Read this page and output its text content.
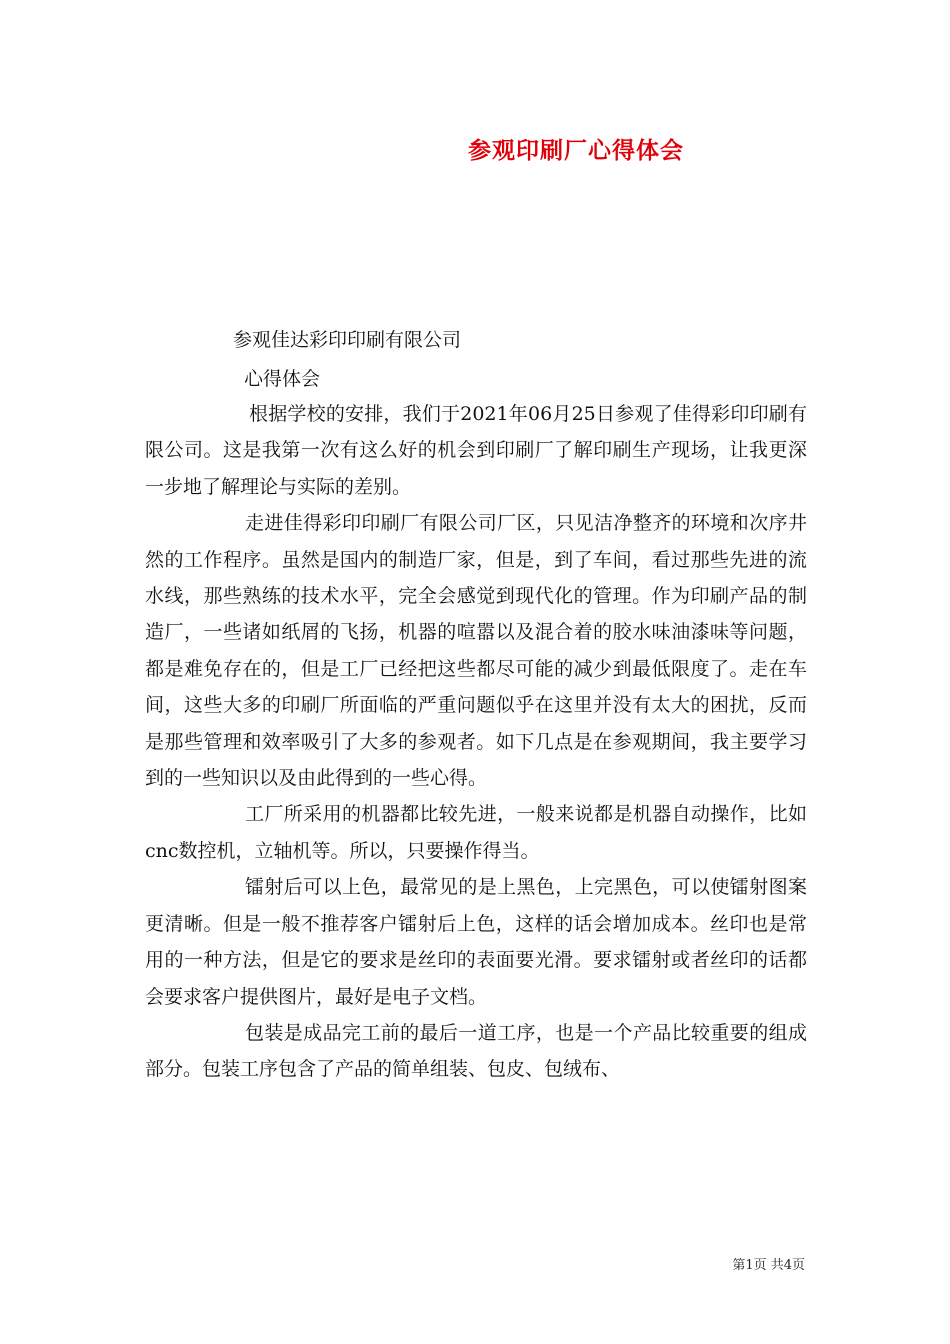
参观印刷厂心得体会
参观佳达彩印印刷有限公司
心得体会

根据学校的安排，我们于2021年06月25日参观了佳得彩印印刷有限公司。这是我第一次有这么好的机会到印刷厂了解印刷生产现场，让我更深一步地了解理论与实际的差别。

走进佳得彩印印刷厂有限公司厂区，只见洁净整齐的环境和次序井然的工作程序。虽然是国内的制造厂家，但是，到了车间，看过那些先进的流水线，那些熟练的技术水平，完全会感觉到现代化的管理。作为印刷产品的制造厂，一些诸如纸屑的飞扬，机器的喧嚣以及混合着的胶水味油漆味等问题，都是难免存在的，但是工厂已经把这些都尽可能的减少到最低限度了。走在车间，这些大多的印刷厂所面临的严重问题似乎在这里并没有太大的困扰，反而是那些管理和效率吸引了大多的参观者。如下几点是在参观期间，我主要学习到的一些知识以及由此得到的一些心得。

工厂所采用的机器都比较先进，一般来说都是机器自动操作，比如cnc数控机，立轴机等。所以，只要操作得当。

镭射后可以上色，最常见的是上黑色，上完黑色，可以使镭射图案更清晰。但是一般不推荐客户镭射后上色，这样的话会增加成本。丝印也是常用的一种方法，但是它的要求是丝印的表面要光滑。要求镭射或者丝印的话都会要求客户提供图片，最好是电子文档。

包装是成品完工前的最后一道工序，也是一个产品比较重要的组成部分。包装工序包含了产品的简单组装、包皮、包绒布、

第1页 共4页
